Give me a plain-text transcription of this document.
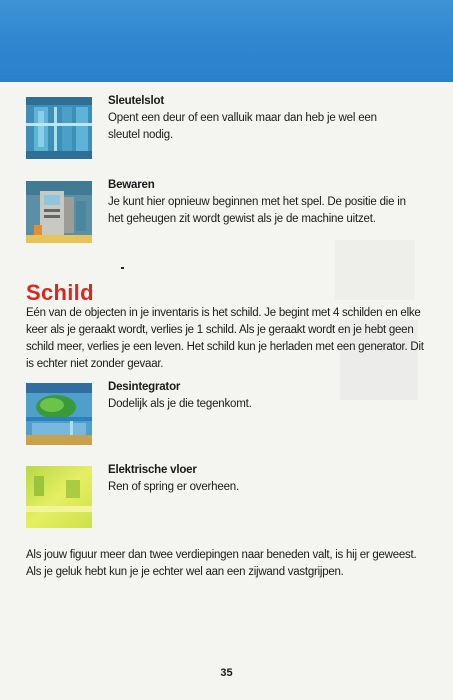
Sleutelslot
Opent een deur of een valluik maar dan heb je wel een sleutel nodig.
Bewaren
Je kunt hier opnieuw beginnen met het spel. De positie die in het geheugen zit wordt gewist als je de machine uitzet.
Schild
Eén van de objecten in je inventaris is het schild. Je begint met 4 schilden en elke keer als je geraakt wordt, verlies je 1 schild. Als je geraakt wordt en je hebt geen schild meer, verlies je een leven. Het schild kun je herladen met een generator. Dit is echter niet zonder gevaar.
Desintegrator
Dodelijk als je die tegenkomt.
Elektrische vloer
Ren of spring er overheen.
Als jouw figuur meer dan twee verdiepingen naar beneden valt, is hij er geweest. Als je geluk hebt kun je je echter wel aan een zijwand vastgrijpen.
35
